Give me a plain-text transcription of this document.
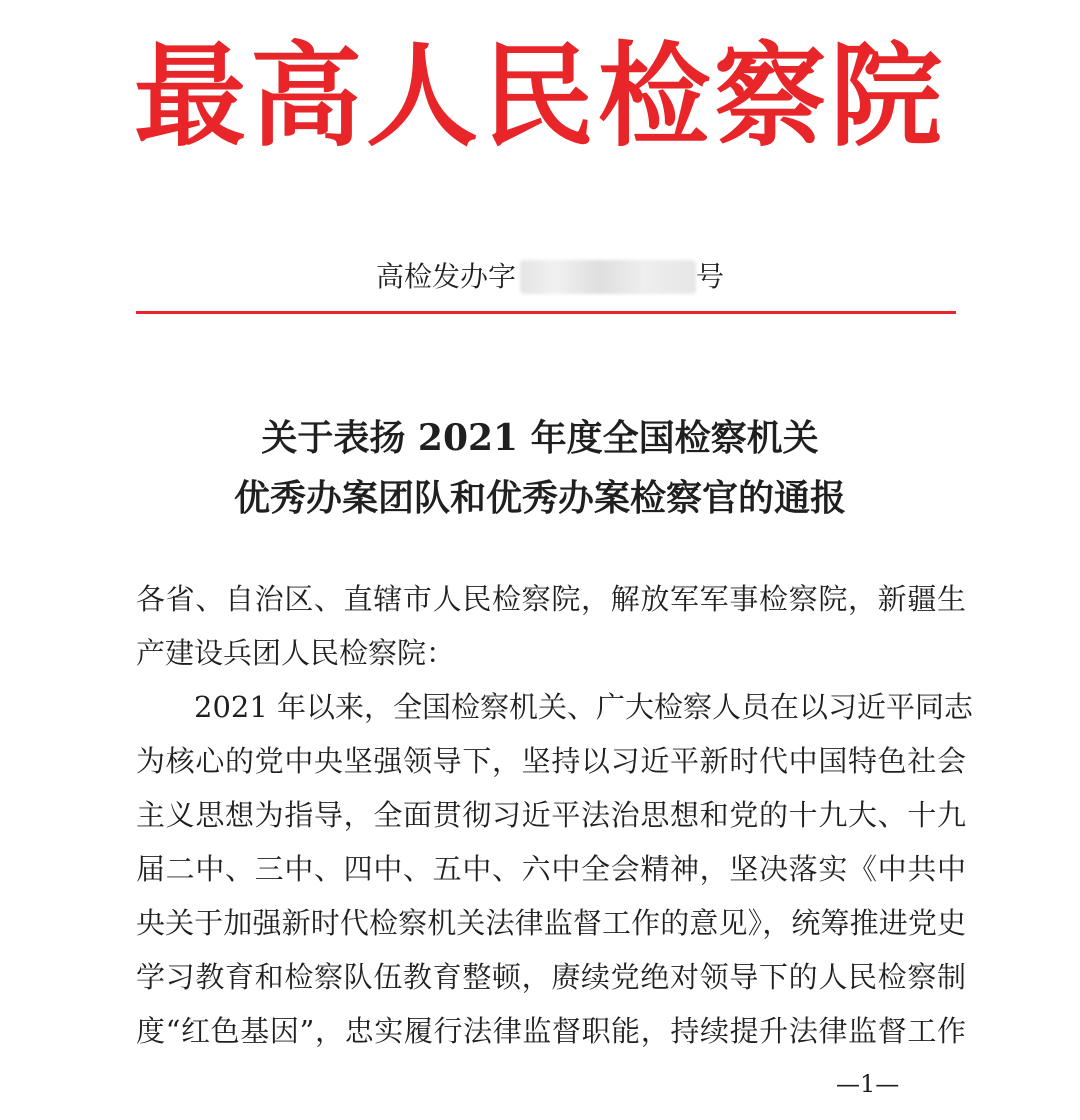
最高人民检察院
高检发办字	号
关于表扬 2021 年度全国检察机关
优秀办案团队和优秀办案检察官的通报
各省、自治区、直辖市人民检察院，解放军军事检察院，新疆生
产建设兵团人民检察院：
2021 年以来，全国检察机关、广大检察人员在以习近平同志
为核心的党中央坚强领导下，坚持以习近平新时代中国特色社会
主义思想为指导，全面贯彻习近平法治思想和党的十九大、十九
届二中、三中、四中、五中、六中全会精神，坚决落实《中共中
央关于加强新时代检察机关法律监督工作的意见》，统筹推进党史
学习教育和检察队伍教育整顿，赓续党绝对领导下的人民检察制
度“红色基因”，忠实履行法律监督职能，持续提升法律监督工作
—1—
